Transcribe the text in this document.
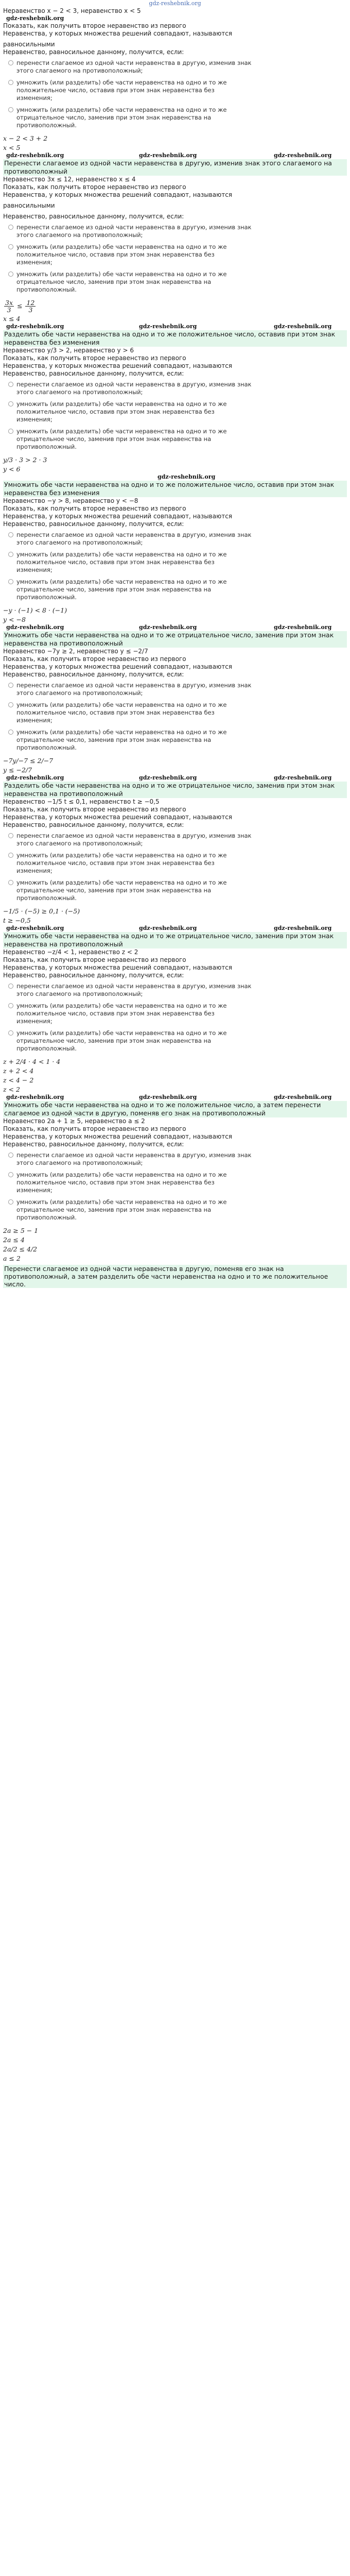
gdz-reshebnik.org
Неравенство x − 2 < 3, неравенство x < 5
gdz-reshebnik.org
Показать, как получить второе неравенство из первого
Неравенства, у которых множества решений совпадают, называются
равносильными
Неравенство, равносильное данному, получится, если:
перенести слагаемое из одной части неравенства в другую, изменив знак
этого слагаемого на противоположный;
умножить (или разделить) обе части неравенства на одно и то же
положительное число, оставив при этом знак неравенства без
изменения;
умножить (или разделить) обе части неравенства на одно и то же
отрицательное число, заменив при этом знак неравенства на
противоположный.
x − 2 < 3 + 2
x < 5
gdz-reshebnik.org	gdz-reshebnik.org	gdz-reshebnik.org
Перенести слагаемое из одной части неравенства в другую, изменив знак этого слагаемого на противоположный
Неравенство 3x ≤ 12, неравенство x ≤ 4
Показать, как получить второе неравенство из первого
Неравенства, у которых множества решений совпадают, называются
равносильными
Неравенство, равносильное данному, получится, если:
перенести слагаемое из одной части неравенства в другую, изменив знак
этого слагаемого на противоположный;
умножить (или разделить) обе части неравенства на одно и то же
положительное число, оставив при этом знак неравенства без
изменения;
умножить (или разделить) обе части неравенства на одно и то же
отрицательное число, заменив при этом знак неравенства на
противоположный.
$\frac{3x}{3} \le \frac{12}{3}$
x ≤ 4
gdz-reshebnik.org	gdz-reshebnik.org	gdz-reshebnik.org
Разделить обе части неравенства на одно и то же положительное число, оставив при этом знак неравенства без изменения
Неравенство y/3 > 2, неравенство y > 6
Показать, как получить второе неравенство из первого
Неравенства, у которых множества решений совпадают, называются
Неравенство, равносильное данному, получится, если:
перенести слагаемое из одной части неравенства в другую, изменив знак
этого слагаемого на противоположный;
умножить (или разделить) обе части неравенства на одно и то же
положительное число, оставив при этом знак неравенства без
изменения;
умножить (или разделить) обе части неравенства на одно и то же
отрицательное число, заменив при этом знак неравенства на
противоположный.
y/3 · 3 > 2 · 3
y < 6
gdz-reshebnik.org
Умножить обе части неравенства на одно и то же положительное число, оставив при этом знак неравенства без изменения
Неравенство −y > 8, неравенство y < −8
Показать, как получить второе неравенство из первого
Неравенства, у которых множества решений совпадают, называются
Неравенство, равносильное данному, получится, если:
перенести слагаемое из одной части неравенства в другую, изменив знак
этого слагаемого на противоположный;
умножить (или разделить) обе части неравенства на одно и то же
положительное число, оставив при этом знак неравенства без
изменения;
умножить (или разделить) обе части неравенства на одно и то же
отрицательное число, заменив при этом знак неравенства на
противоположный.
−y · (−1) < 8 · (−1)
y < −8
gdz-reshebnik.org	gdz-reshebnik.org	gdz-reshebnik.org
Умножить обе части неравенства на одно и то же отрицательное число, заменив при этом знак неравенства на противоположный
Неравенство −7y ≥ 2, неравенство y ≤ −2/7
Показать, как получить второе неравенство из первого
Неравенства, у которых множества решений совпадают, называются
Неравенство, равносильное данному, получится, если:
перенести слагаемое из одной части неравенства в другую, изменив знак
этого слагаемого на противоположный;
умножить (или разделить) обе части неравенства на одно и то же
положительное число, оставив при этом знак неравенства без
изменения;
умножить (или разделить) обе части неравенства на одно и то же
отрицательное число, заменив при этом знак неравенства на
противоположный.
−7y/−7 ≤ 2/−7
y ≤ −2/7
gdz-reshebnik.org	gdz-reshebnik.org	gdz-reshebnik.org
Разделить обе части неравенства на одно и то же отрицательное число, заменив при этом знак неравенства на противоположный
Неравенство −1/5 t ≤ 0,1, неравенство t ≥ −0,5
Показать, как получить второе неравенство из первого
Неравенства, у которых множества решений совпадают, называются
Неравенство, равносильное данному, получится, если:
перенести слагаемое из одной части неравенства в другую, изменив знак
этого слагаемого на противоположный;
умножить (или разделить) обе части неравенства на одно и то же
положительное число, оставив при этом знак неравенства без
изменения;
умножить (или разделить) обе части неравенства на одно и то же
отрицательное число, заменив при этом знак неравенства на
противоположный.
−1/5 · (−5) ≥ 0,1 · (−5)
t ≥ −0,5
gdz-reshebnik.org	gdz-reshebnik.org	gdz-reshebnik.org
Умножить обе части неравенства на одно и то же отрицательное число, заменив при этом знак неравенства на противоположный
Неравенство −z/4 < 1, неравенство z < 2
Показать, как получить второе неравенство из первого
Неравенства, у которых множества решений совпадают, называются
Неравенство, равносильное данному, получится, если:
перенести слагаемое из одной части неравенства в другую, изменив знак
этого слагаемого на противоположный;
умножить (или разделить) обе части неравенства на одно и то же
положительное число, оставив при этом знак неравенства без
изменения;
умножить (или разделить) обе части неравенства на одно и то же
отрицательное число, заменив при этом знак неравенства на
противоположный.
z + 2/4 · 4 < 1 · 4
z + 2 < 4
z < 4 − 2
z < 2
gdz-reshebnik.org	gdz-reshebnik.org	gdz-reshebnik.org
Умножить обе части неравенства на одно и то же положительное число, а затем перенести слагаемое из одной части в другую, поменяв его знак на противоположный
Неравенство 2a + 1 ≥ 5, неравенство a ≤ 2
Показать, как получить второе неравенство из первого
Неравенства, у которых множества решений совпадают, называются
Неравенство, равносильное данному, получится, если:
перенести слагаемое из одной части неравенства в другую, изменив знак
этого слагаемого на противоположный;
умножить (или разделить) обе части неравенства на одно и то же
положительное число, оставив при этом знак неравенства без
изменения;
умножить (или разделить) обе части неравенства на одно и то же
отрицательное число, заменив при этом знак неравенства на
противоположный.
2a ≥ 5 − 1
2a ≤ 4
2a/2 ≤ 4/2
a ≤ 2
Перенести слагаемое из одной части неравенства в другую, поменяв его знак на противоположный, а затем разделить обе части неравенства на одно и то же положительное число.
